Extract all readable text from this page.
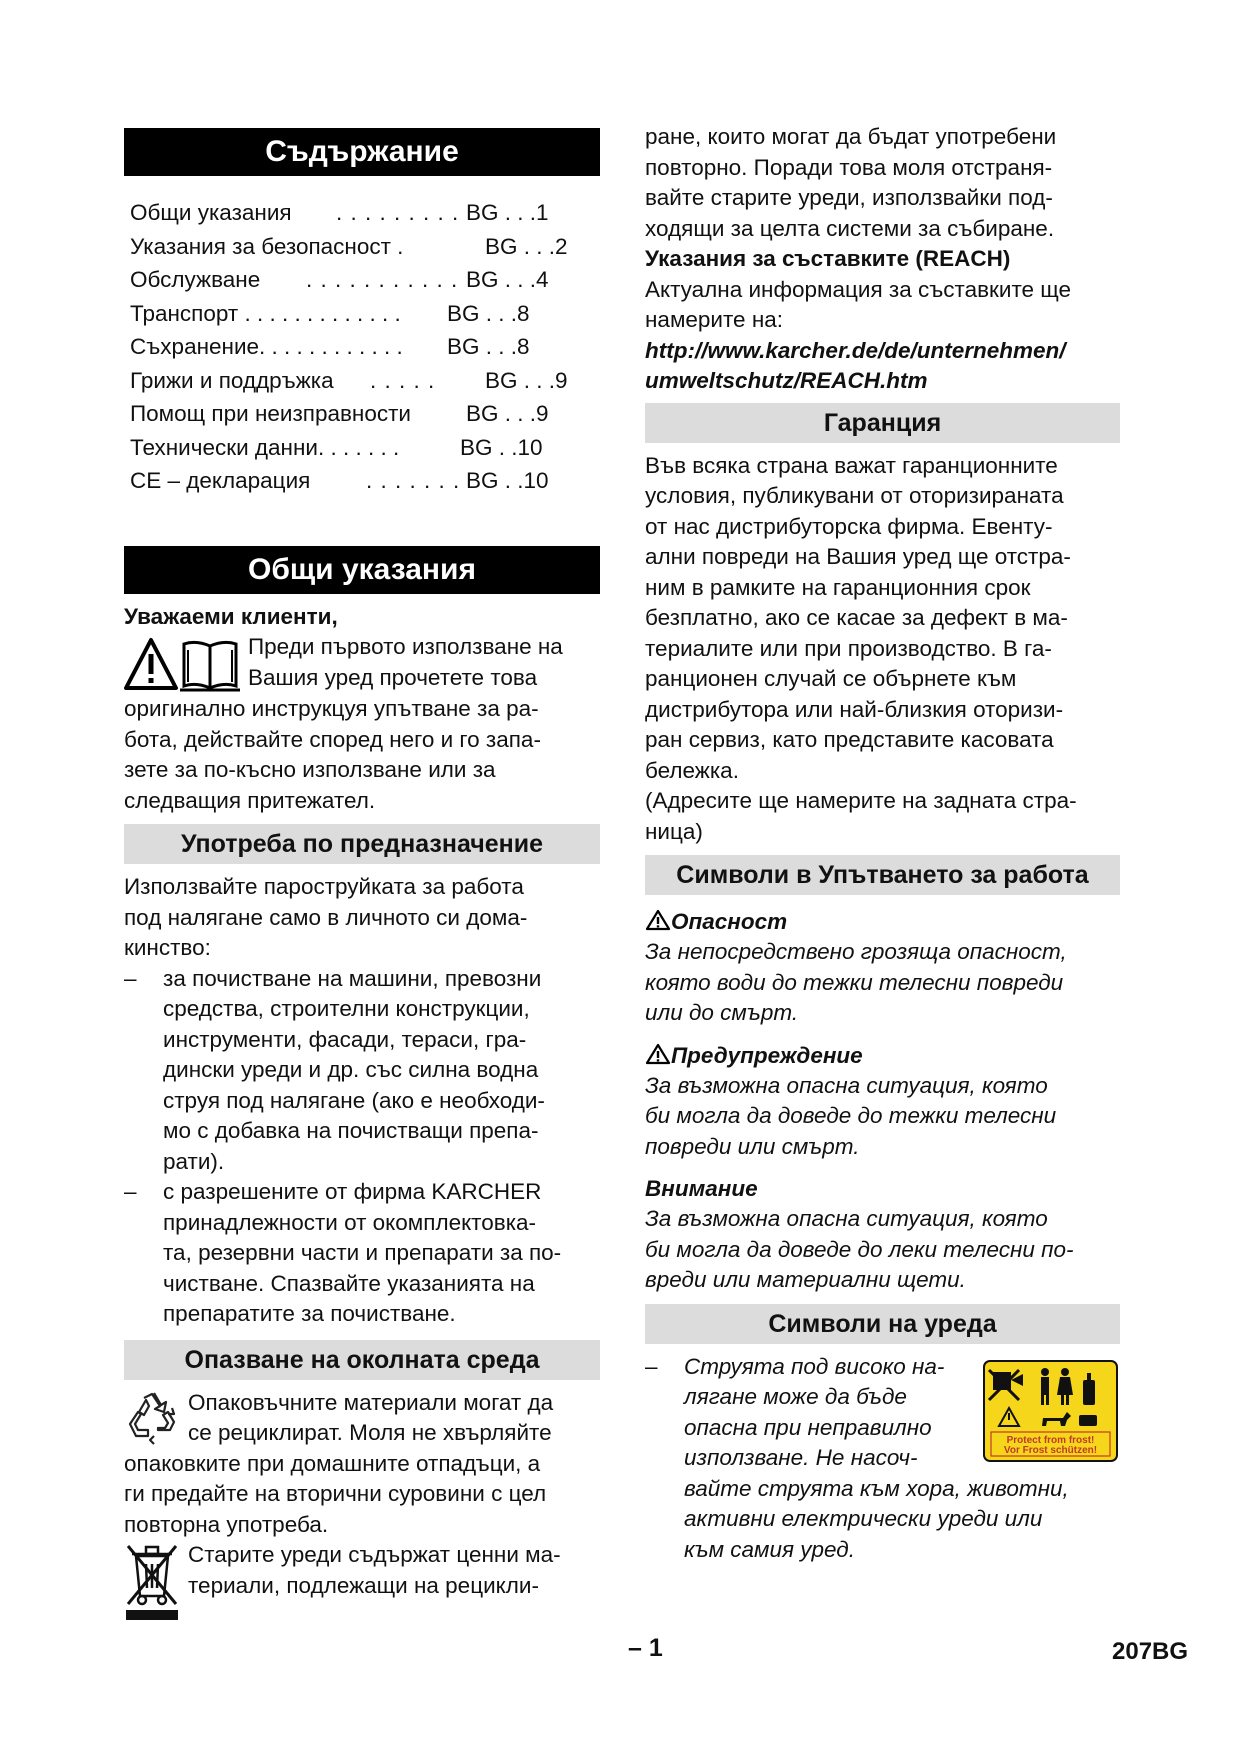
Съдържание
Общи указания . . . . . . . . . BG . . .1
Указания за безопасност .	BG . . .2
Обслужване . . . . . . . . . . . BG . . .4
Транспорт . . . . . . . . . . . . . BG . . .8
Съхранение. . . . . . . . . . . . BG . . .8
Грижи и поддръжка . . . . . BG . . .9
Помощ при неизправности BG . . .9
Технически данни. . . . . . .	BG . .10
CE – декларация . . . . . . . BG . .10
Общи указания

Уважаеми клиенти,

Преди първото използване на

Вашия уред прочетете това

оригинално инструкцуя упътване за ра-

бота, действайте според него и го запа-

зете за по-късно използване или за

следващия притежател.

Употреба по предназначение

Използвайте пароструйката за работа

под налягане само в личното си дома-

кинство:

– за почистване на машини, превозни

средства, строителни конструкции,

инструменти, фасади, тераси, гра-

дински уреди и др. със силна водна

струя под налягане (ако е необходи-

мо с добавка на почистващи препа-

рати).

– с разрешените от фирма KARCHER

принадлежности от окомплектовка-

та, резервни части и препарати за по-

чистване. Спазвайте указанията на

препаратите за почистване.

Опазване на околната среда

Опаковъчните материали могат да

се рециклират. Моля не хвърляйте

опаковките при домашните отпадъци, а

ги предайте на вторични суровини с цел

повторна употреба.

Старите уреди съдържат ценни ма-

териали, подлежащи на рецикли-

ране, които могат да бъдат употребени

повторно. Поради това моля отстраня-

вайте старите уреди, използвайки под-

ходящи за целта системи за събиране.

Указания за съставките (REACH)

Актуална информация за съставките ще

намерите на:

http://www.karcher.de/de/unternehmen/

umweltschutz/REACH.htm

Гаранция

Във всяка страна важат гаранционните

условия, публикувани от оторизираната

от нас дистрибуторска фирма. Евенту-

ални повреди на Вашия уред ще отстра-

ним в рамките на гаранционния срок

безплатно, ако се касае за дефект в ма-

териалите или при производство. В га-

ранционен случай се обърнете към

дистрибутора или най-близкия оторизи-

ран сервиз, като представите касовата

бележка.

(Адресите ще намерите на задната стра-

ница)

Символи в Упътването за работа

Опасност

За непосредствено грозяща опасност,

която води до тежки телесни повреди

или до смърт.

Предупреждение

За възможна опасна ситуация, която

би могла да доведе до тежки телесни

повреди или смърт.

Внимание

За възможна опасна ситуация, която

би могла да доведе до леки телесни по-

вреди или материални щети.

Символи на уреда
–
Protect from frost!
Vor Frost schützen!

Струята под високо на-

лягане може да бъде

опасна при неправилно

използване. Не насоч-

вайте струята към хора, животни,

активни електрически уреди или

към самия уред.

– 1	207BG
